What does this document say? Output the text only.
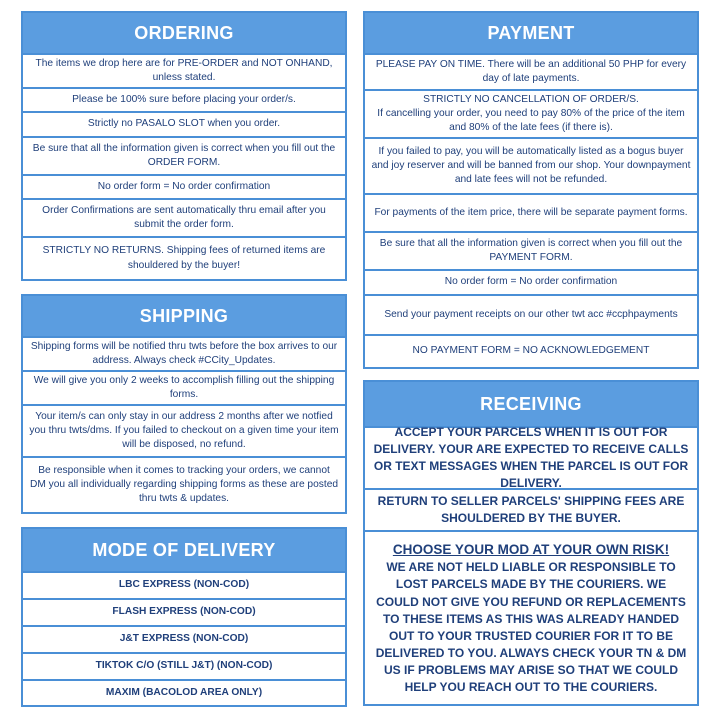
ORDERING
The items we drop here are for PRE-ORDER and NOT ONHAND, unless stated.
Please be 100% sure before placing your order/s.
Strictly no PASALO SLOT when you order.
Be sure that all the information given is correct when you fill out the ORDER FORM.
No order form = No order confirmation
Order Confirmations are sent automatically thru email after you submit the order form.
STRICTLY NO RETURNS. Shipping fees of returned items are shouldered by the buyer!
SHIPPING
Shipping forms will be notified thru twts before the box arrives to our address. Always check #CCity_Updates.
We will give you only 2 weeks to accomplish filling out the shipping forms.
Your item/s can only stay in our address 2 months after we notfied you thru twts/dms. If you failed to checkout on a given time your item will be disposed, no refund.
Be responsible when it comes to tracking your orders, we cannot DM you all individually regarding shipping forms as these are posted thru twts & updates.
MODE OF DELIVERY
LBC EXPRESS (NON-COD)
FLASH EXPRESS (NON-COD)
J&T EXPRESS (NON-COD)
TIKTOK C/O (STILL J&T) (NON-COD)
MAXIM (BACOLOD AREA ONLY)
PAYMENT
PLEASE PAY ON TIME. There will be an additional 50 PHP for every day of late payments.
STRICTLY NO CANCELLATION OF ORDER/S.
If cancelling your order, you need to pay 80% of the price of the item and 80% of the late fees (if there is).
If you failed to pay, you will be automatically listed as a bogus buyer and joy reserver and will be banned from our shop. Your downpayment and late fees will not be refunded.
For payments of the item price, there will be separate payment forms.
Be sure that all the information given is correct when you fill out the PAYMENT FORM.
No order form = No order confirmation
Send your payment receipts on our other twt acc #ccphpayments
NO PAYMENT FORM = NO ACKNOWLEDGEMENT
RECEIVING
ACCEPT YOUR PARCELS WHEN IT IS OUT FOR DELIVERY. YOUR ARE EXPECTED TO RECEIVE CALLS OR TEXT MESSAGES WHEN THE PARCEL IS OUT FOR DELIVERY.
RETURN TO SELLER PARCELS' SHIPPING FEES ARE SHOULDERED BY THE BUYER.
CHOOSE YOUR MOD AT YOUR OWN RISK!
WE ARE NOT HELD LIABLE OR RESPONSIBLE TO LOST PARCELS MADE BY THE COURIERS. WE COULD NOT GIVE YOU REFUND OR REPLACEMENTS TO THESE ITEMS AS THIS WAS ALREADY HANDED OUT TO YOUR TRUSTED COURIER FOR IT TO BE DELIVERED TO YOU. ALWAYS CHECK YOUR TN & DM US IF PROBLEMS MAY ARISE SO THAT WE COULD HELP YOU REACH OUT TO THE COURIERS.
